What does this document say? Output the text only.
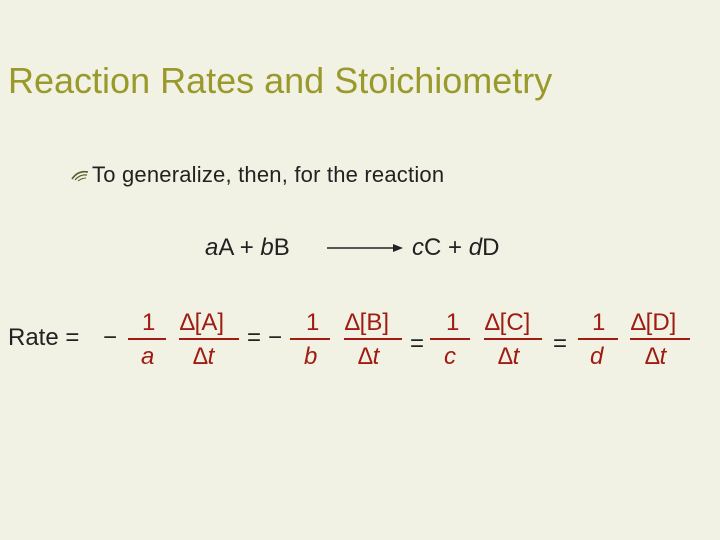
Reaction Rates and Stoichiometry
To generalize, then, for the reaction
aA + bB	cC + dD
Rate = −
1
a
∆[A]
∆t
= −
1
b
∆[B]
∆t =
1
c
∆[C]
∆t =
1
d
∆[D]
∆t
